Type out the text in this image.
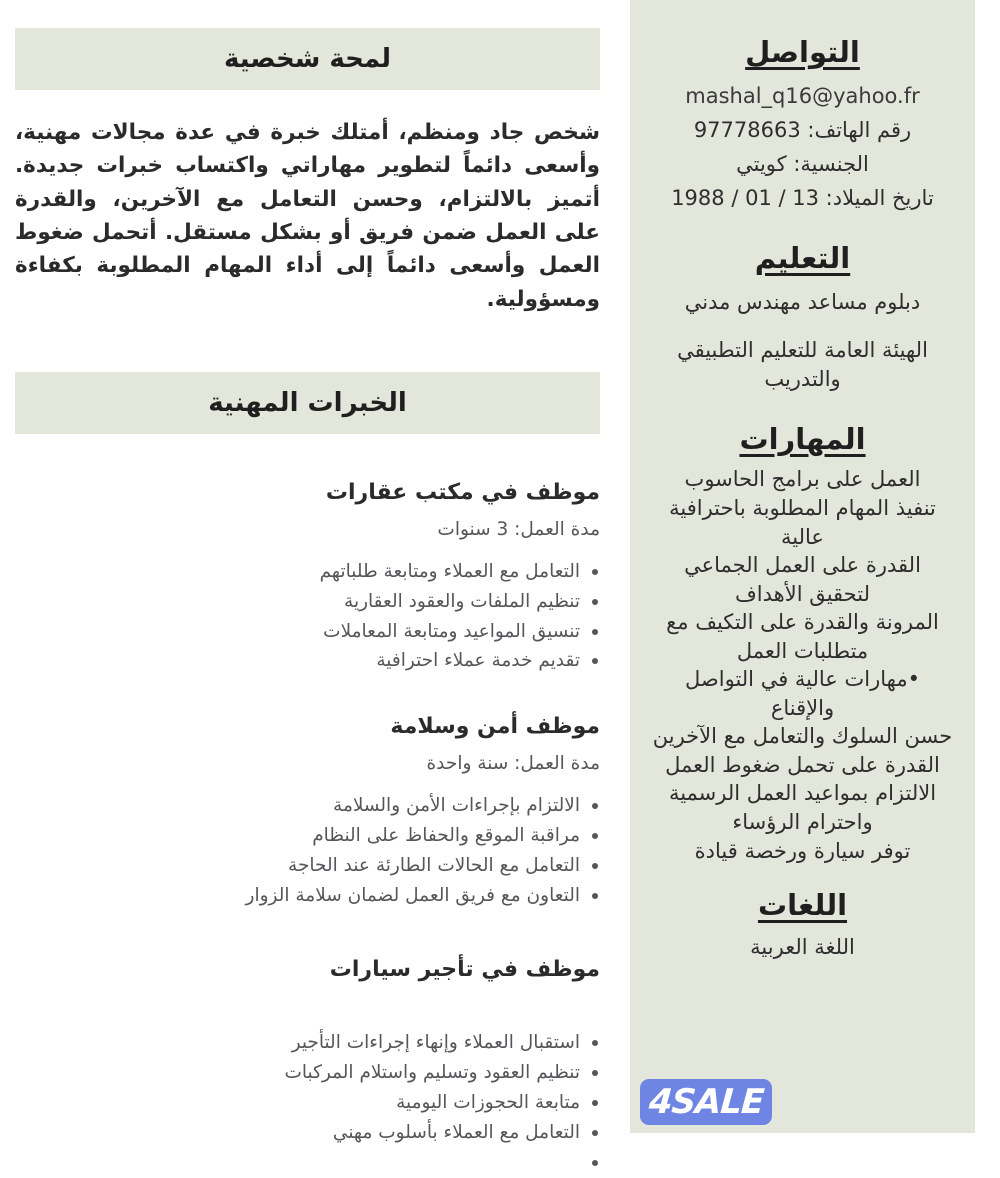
لمحة شخصية

شخص جاد ومنظم، أمتلك خبرة في عدة مجالات مهنية، وأسعى دائماً لتطوير مهاراتي واكتساب خبرات جديدة. أتميز بالالتزام، وحسن التعامل مع الآخرين، والقدرة على العمل ضمن فريق أو بشكل مستقل. أتحمل ضغوط العمل وأسعى دائماً إلى أداء المهام المطلوبة بكفاءة ومسؤولية.

الخبرات المهنية
موظف في مكتب عقارات
مدة العمل: 3 سنوات
التعامل مع العملاء ومتابعة طلباتهم
تنظيم الملفات والعقود العقارية
تنسيق المواعيد ومتابعة المعاملات
تقديم خدمة عملاء احترافية
موظف أمن وسلامة
مدة العمل: سنة واحدة
الالتزام بإجراءات الأمن والسلامة
مراقبة الموقع والحفاظ على النظام
التعامل مع الحالات الطارئة عند الحاجة
التعاون مع فريق العمل لضمان سلامة الزوار
موظف في تأجير سيارات
استقبال العملاء وإنهاء إجراءات التأجير
تنظيم العقود وتسليم واستلام المركبات
متابعة الحجوزات اليومية
التعامل مع العملاء بأسلوب مهني
التواصل
mashal_q16@yahoo.fr
رقم الهاتف: 97778663
الجنسية: كويتي
تاريخ الميلاد: 13 / 01 / 1988
التعليم
دبلوم مساعد مهندس مدني
الهيئة العامة للتعليم التطبيقي والتدريب
المهارات
العمل على برامج الحاسوب
تنفيذ المهام المطلوبة باحترافية عالية
القدرة على العمل الجماعي لتحقيق الأهداف
المرونة والقدرة على التكيف مع متطلبات العمل
•مهارات عالية في التواصل والإقناع
حسن السلوك والتعامل مع الآخرين
القدرة على تحمل ضغوط العمل
الالتزام بمواعيد العمل الرسمية واحترام الرؤساء
توفر سيارة ورخصة قيادة
اللغات
اللغة العربية
4SALE
